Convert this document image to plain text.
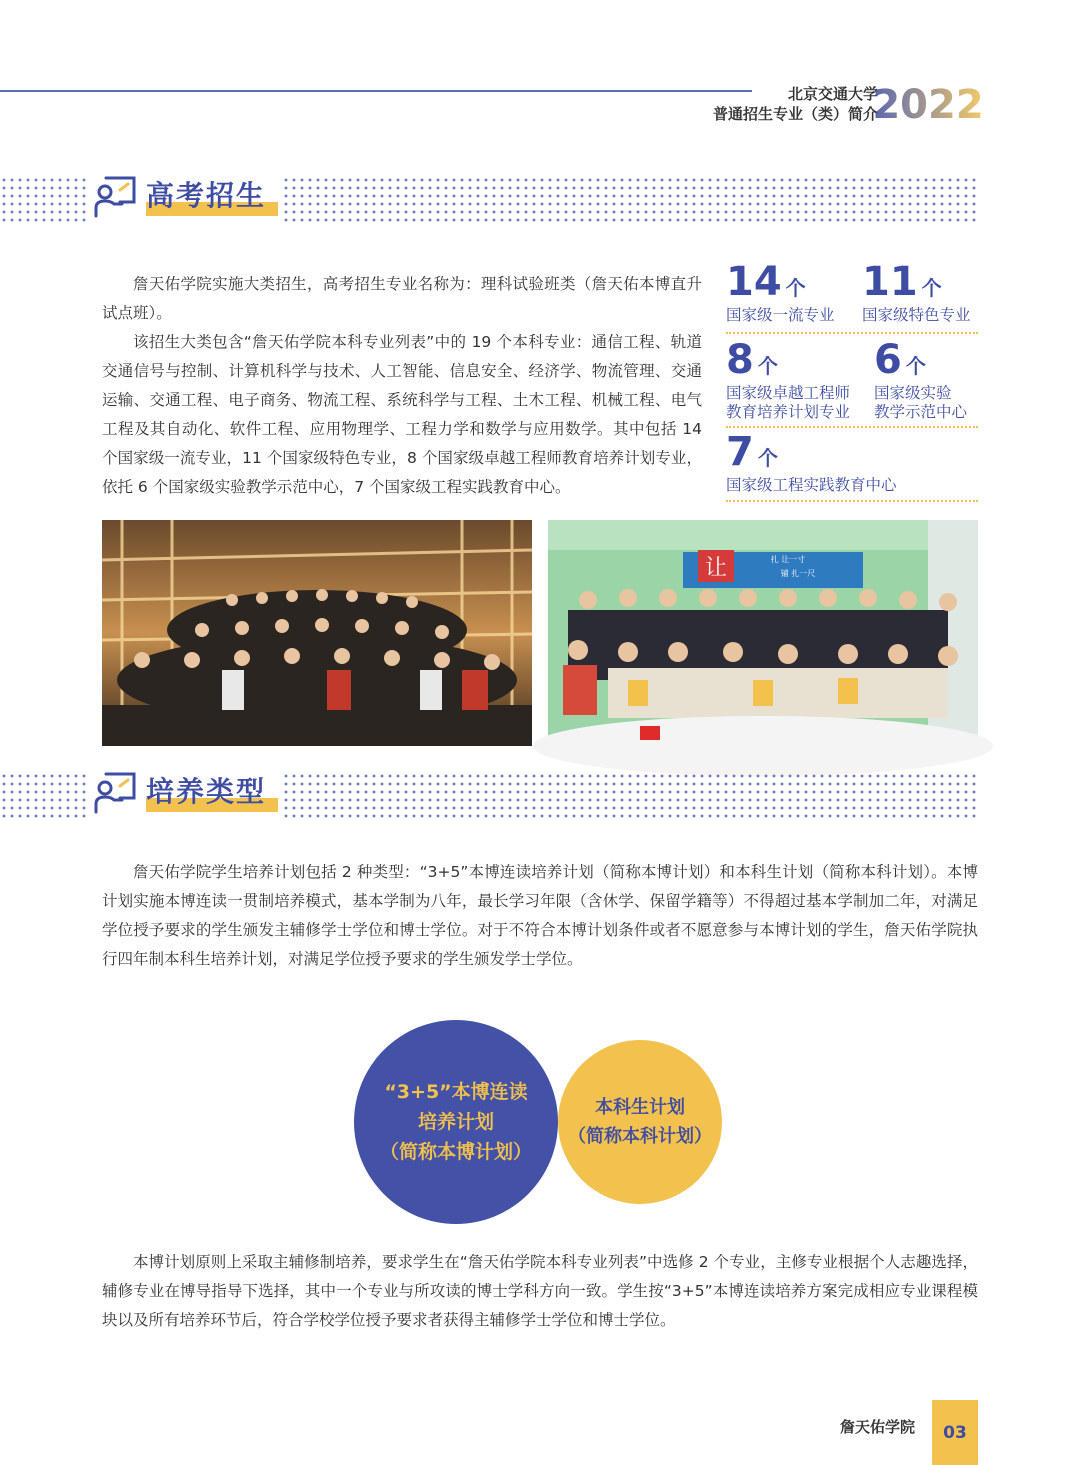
北京交通大学
普通招生专业（类）简介
2022
高考招生

詹天佑学院实施大类招生，高考招生专业名称为：理科试验班类（詹天佑本博直升试点班）。

该招生大类包含“詹天佑学院本科专业列表”中的 19 个本科专业：通信工程、轨道交通信号与控制、计算机科学与技术、人工智能、信息安全、经济学、物流管理、交通运输、交通工程、电子商务、物流工程、系统科学与工程、土木工程、机械工程、电气工程及其自动化、软件工程、应用物理学、工程力学和数学与应用数学。其中包括 14 个国家级一流专业，11 个国家级特色专业，8 个国家级卓越工程师教育培养计划专业，依托 6 个国家级实验教学示范中心，7 个国家级工程实践教育中心。

14 个
国家级一流专业
11 个
国家级特色专业
8 个
国家级卓越工程师
教育培养计划专业
6 个
国家级实验
教学示范中心
7 个
国家级工程实践教育中心
让	扎 让一寸
铺 扎一尺
培养类型

詹天佑学院学生培养计划包括 2 种类型：“3+5”本博连读培养计划（简称本博计划）和本科生计划（简称本科计划）。本博计划实施本博连读一贯制培养模式，基本学制为八年，最长学习年限（含休学、保留学籍等）不得超过基本学制加二年，对满足学位授予要求的学生颁发主辅修学士学位和博士学位。对于不符合本博计划条件或者不愿意参与本博计划的学生，詹天佑学院执行四年制本科生培养计划，对满足学位授予要求的学生颁发学士学位。

“3+5”本博连读
培养计划
（简称本博计划）
本科生计划
（简称本科计划）

本博计划原则上采取主辅修制培养，要求学生在“詹天佑学院本科专业列表”中选修 2 个专业，主修专业根据个人志趣选择，辅修专业在博导指导下选择，其中一个专业与所攻读的博士学科方向一致。学生按“3+5”本博连读培养方案完成相应专业课程模块以及所有培养环节后，符合学校学位授予要求者获得主辅修学士学位和博士学位。

詹天佑学院	03
